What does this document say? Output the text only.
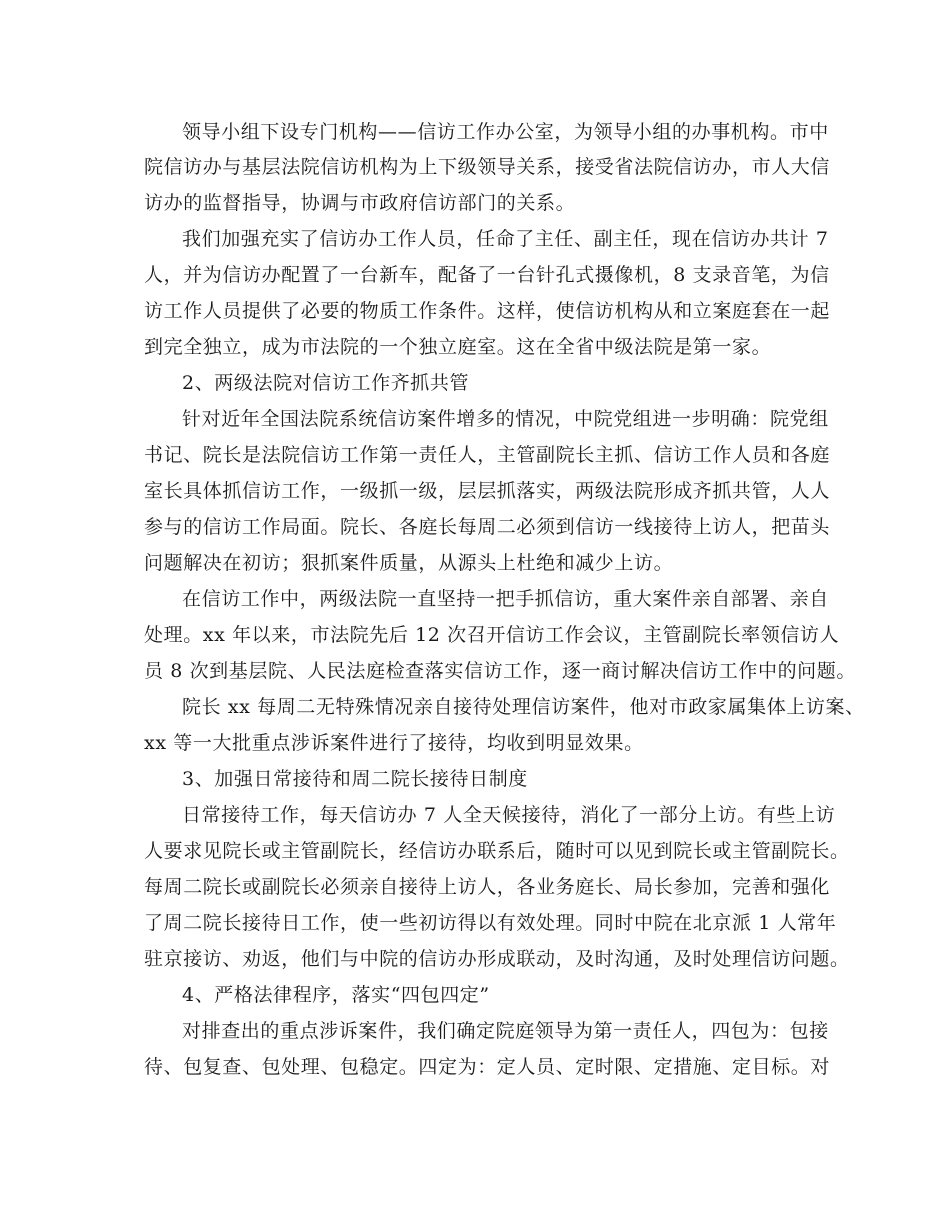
领导小组下设专门机构——信访工作办公室，为领导小组的办事机构。市中
院信访办与基层法院信访机构为上下级领导关系，接受省法院信访办，市人大信
访办的监督指导，协调与市政府信访部门的关系。
我们加强充实了信访办工作人员，任命了主任、副主任，现在信访办共计 7
人，并为信访办配置了一台新车，配备了一台针孔式摄像机，8 支录音笔，为信
访工作人员提供了必要的物质工作条件。这样，使信访机构从和立案庭套在一起
到完全独立，成为市法院的一个独立庭室。这在全省中级法院是第一家。
2、两级法院对信访工作齐抓共管
针对近年全国法院系统信访案件增多的情况，中院党组进一步明确：院党组
书记、院长是法院信访工作第一责任人，主管副院长主抓、信访工作人员和各庭
室长具体抓信访工作，一级抓一级，层层抓落实，两级法院形成齐抓共管，人人
参与的信访工作局面。院长、各庭长每周二必须到信访一线接待上访人，把苗头
问题解决在初访；狠抓案件质量，从源头上杜绝和减少上访。
在信访工作中，两级法院一直坚持一把手抓信访，重大案件亲自部署、亲自
处理。xx 年以来，市法院先后 12 次召开信访工作会议，主管副院长率领信访人
员 8 次到基层院、人民法庭检查落实信访工作，逐一商讨解决信访工作中的问题。
院长 xx 每周二无特殊情况亲自接待处理信访案件，他对市政家属集体上访案、
xx 等一大批重点涉诉案件进行了接待，均收到明显效果。
3、加强日常接待和周二院长接待日制度
日常接待工作，每天信访办 7 人全天候接待，消化了一部分上访。有些上访
人要求见院长或主管副院长，经信访办联系后，随时可以见到院长或主管副院长。
每周二院长或副院长必须亲自接待上访人，各业务庭长、局长参加，完善和强化
了周二院长接待日工作，使一些初访得以有效处理。同时中院在北京派 1 人常年
驻京接访、劝返，他们与中院的信访办形成联动，及时沟通，及时处理信访问题。
4、严格法律程序，落实“四包四定”
对排查出的重点涉诉案件，我们确定院庭领导为第一责任人，四包为：包接
待、包复查、包处理、包稳定。四定为：定人员、定时限、定措施、定目标。对
